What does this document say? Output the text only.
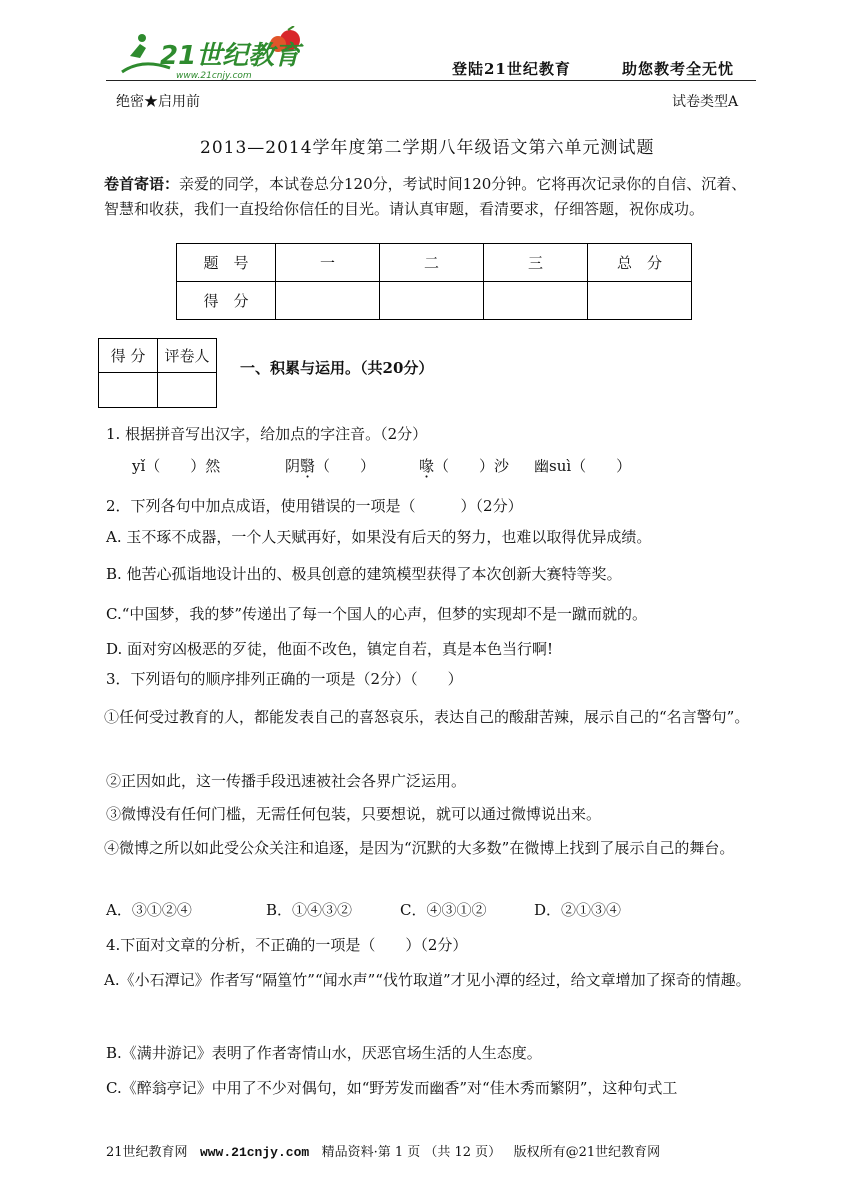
21世纪教育
www.21cnjy.com	登陆21世纪教育	助您教考全无忧
绝密★启用前	试卷类型A
2013—2014学年度第二学期八年级语文第六单元测试题
卷首寄语：亲爱的同学，本试卷总分120分，考试时间120分钟。它将再次记录你的自信、沉着、智慧和收获，我们一直投给你信任的目光。请认真审题，看清要求，仔细答题，祝你成功。
题　号	一	二	三	总　分
得　分				
得 分	评卷人

一、积累与运用。（共20分）
1. 根据拼音写出汉字，给加点的字注音。（2分）
yǐ（　　）然	阴翳（　　）	喙（　　）沙 幽suì（　　）
2．下列各句中加点成语，使用错误的一项是（　　　）（2分）
A. 玉不琢不成器，一个人天赋再好，如果没有后天的努力，也难以取得优异成绩。
B. 他苦心孤诣地设计出的、极具创意的建筑模型获得了本次创新大赛特等奖。
C.“中国梦，我的梦”传递出了每一个国人的心声，但梦的实现却不是一蹴而就的。
D. 面对穷凶极恶的歹徒，他面不改色，镇定自若，真是本色当行啊!
3．下列语句的顺序排列正确的一项是（2分）（　　）
①任何受过教育的人，都能发表自己的喜怒哀乐，表达自己的酸甜苦辣，展示自己的“名言警句”。
②正因如此，这一传播手段迅速被社会各界广泛运用。
③微博没有任何门槛，无需任何包装，只要想说，就可以通过微博说出来。
④微博之所以如此受公众关注和追逐，是因为“沉默的大多数”在微博上找到了展示自己的舞台。
A．③①②④	B．①④③②	C．④③①②	D．②①③④
4.下面对文章的分析，不正确的一项是（　　）（2分）
A.《小石潭记》作者写“隔篁竹”“闻水声”“伐竹取道”才见小潭的经过，给文章增加了探奇的情趣。
B.《满井游记》表明了作者寄情山水，厌恶官场生活的人生态度。
C.《醉翁亭记》中用了不少对偶句，如“野芳发而幽香”对“佳木秀而繁阴”，这种句式工
21世纪教育网 www.21cnjy.com 精品资料·第 1 页 （共 12 页） 版权所有@21世纪教育网
